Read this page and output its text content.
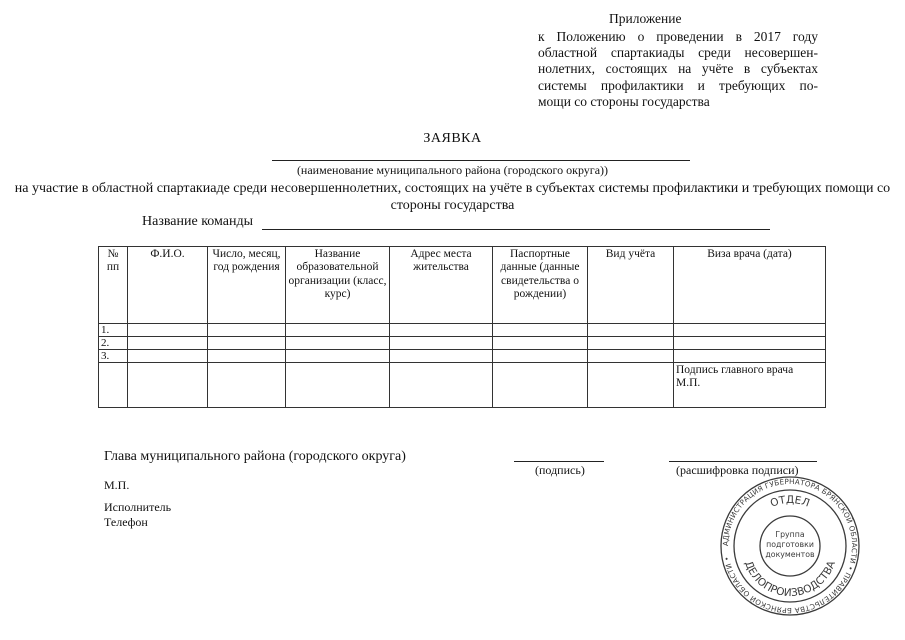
Приложение
к Положению о проведении в 2017 году
областной спартакиады среди несовершен-
нолетних, состоящих на учёте в субъектах
системы профилактики и требующих по-
мощи со стороны государства
ЗАЯВКА
(наименование муниципального района (городского округа))
на участие в областной спартакиаде среди несовершеннолетних, состоящих на учёте в субъектах системы профилактики и требующих помощи со стороны государства
Название команды
№ пп	Ф.И.О.	Число, месяц, год рождения	Название образовательной организации (класс, курс)	Адрес места жительства	Паспортные данные (данные свидетельства о рождении)	Вид учёта	Виза врача (дата)
1.							
2.							
3.							

							Подпись главного врача
М.П.
Глава муниципального района (городского округа)
(подпись)	(расшифровка подписи)
М.П.
Исполнитель
Телефон
АДМИНИСТРАЦИЯ ГУБЕРНАТОРА БРЯНСКОЙ ОБЛАСТИ • ПРАВИТЕЛЬСТВА БРЯНСКОЙ ОБЛАСТИ •
ОТДЕЛ
ДЕЛОПРОИЗВОДСТВА
Группа
подготовки
документов
